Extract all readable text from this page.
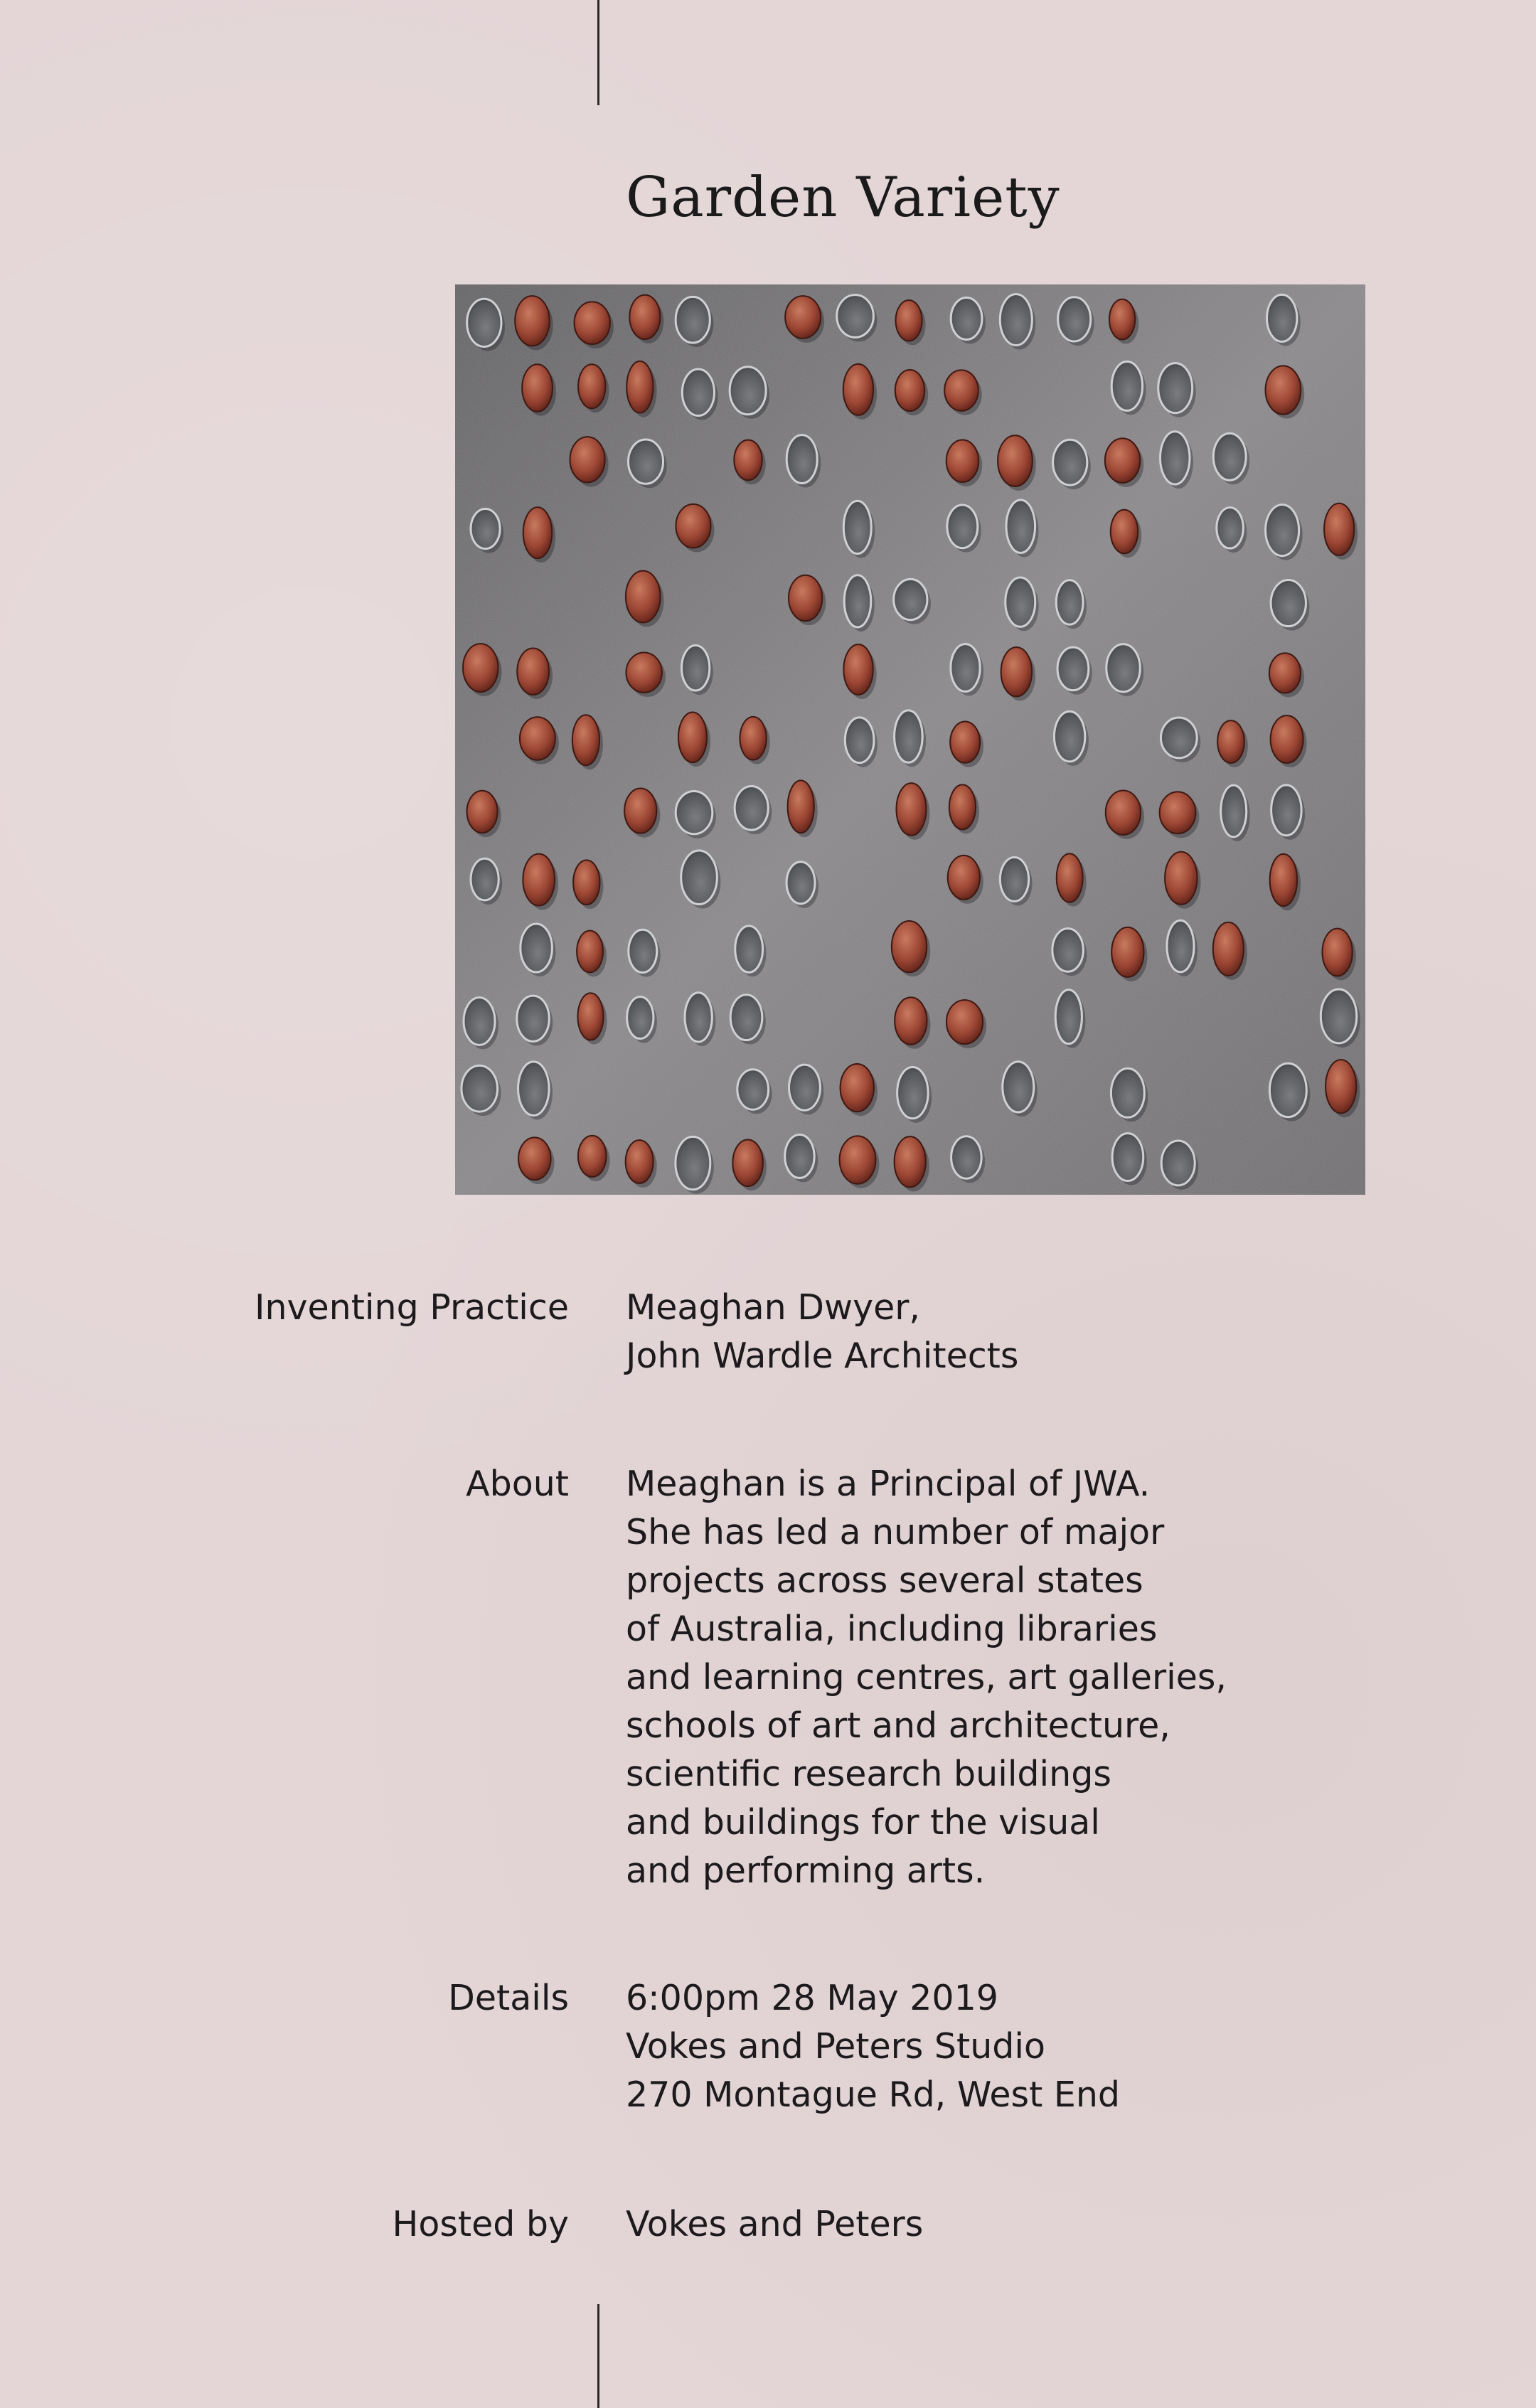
Garden Variety

Inventing Practice Meaghan Dwyer,
John Wardle Architects

About Meaghan is a Principal of JWA.
She has led a number of major
projects across several states
of Australia, including libraries
and learning centres, art galleries,
schools of art and architecture,
scientific research buildings
and buildings for the visual
and performing arts.

Details 6:00pm 28 May 2019
Vokes and Peters Studio
270 Montague Rd, West End

Hosted by Vokes and Peters
